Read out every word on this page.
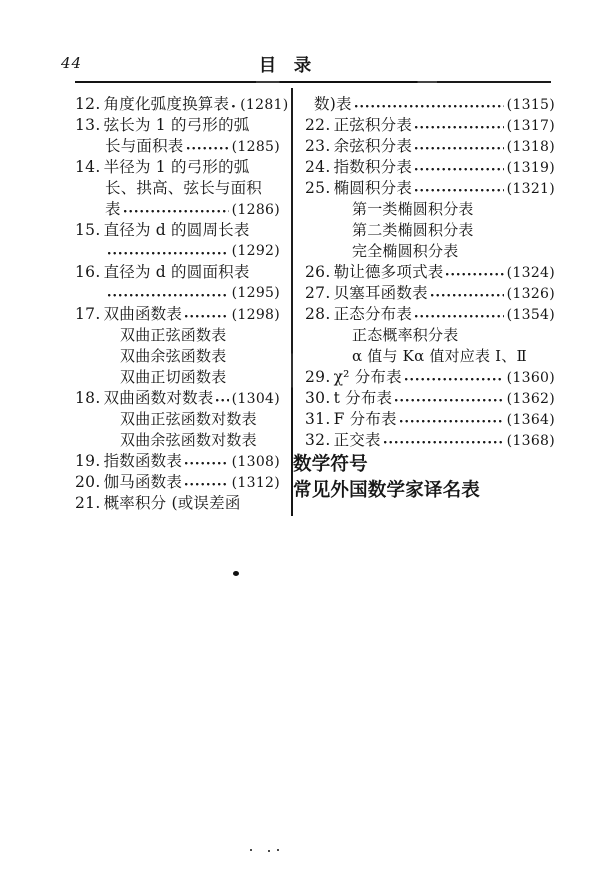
44	目　录
12. 角度化弧度换算表 (1281)
13. 弦长为 1 的弓形的弧
长与面积表	(1285)
14. 半径为 1 的弓形的弧
长、拱高、弦长与面积
表	(1286)
15. 直径为 d 的圆周长表
(1292)
16. 直径为 d 的圆面积表
(1295)
17. 双曲函数表	(1298)
双曲正弦函数表
双曲余弦函数表
双曲正切函数表
18. 双曲函数对数表 (1304)
双曲正弦函数对数表
双曲余弦函数对数表
19. 指数函数表	(1308)
20. 伽马函数表	(1312)
21. 概率积分 (或误差函
数)表	(1315)
22. 正弦积分表	(1317)
23. 余弦积分表	(1318)
24. 指数积分表	(1319)
25. 椭圆积分表	(1321)
第一类椭圆积分表
第二类椭圆积分表
完全椭圆积分表
26. 勒让德多项式表	(1324)
27. 贝塞耳函数表	(1326)
28. 正态分布表	(1354)
正态概率积分表
α 值与 Kα 值对应表 Ⅰ、Ⅱ
29. χ² 分布表	(1360)
30. t 分布表	(1362)
31. F 分布表	(1364)
32. 正交表	(1368)
数学符号
常见外国数学家译名表
